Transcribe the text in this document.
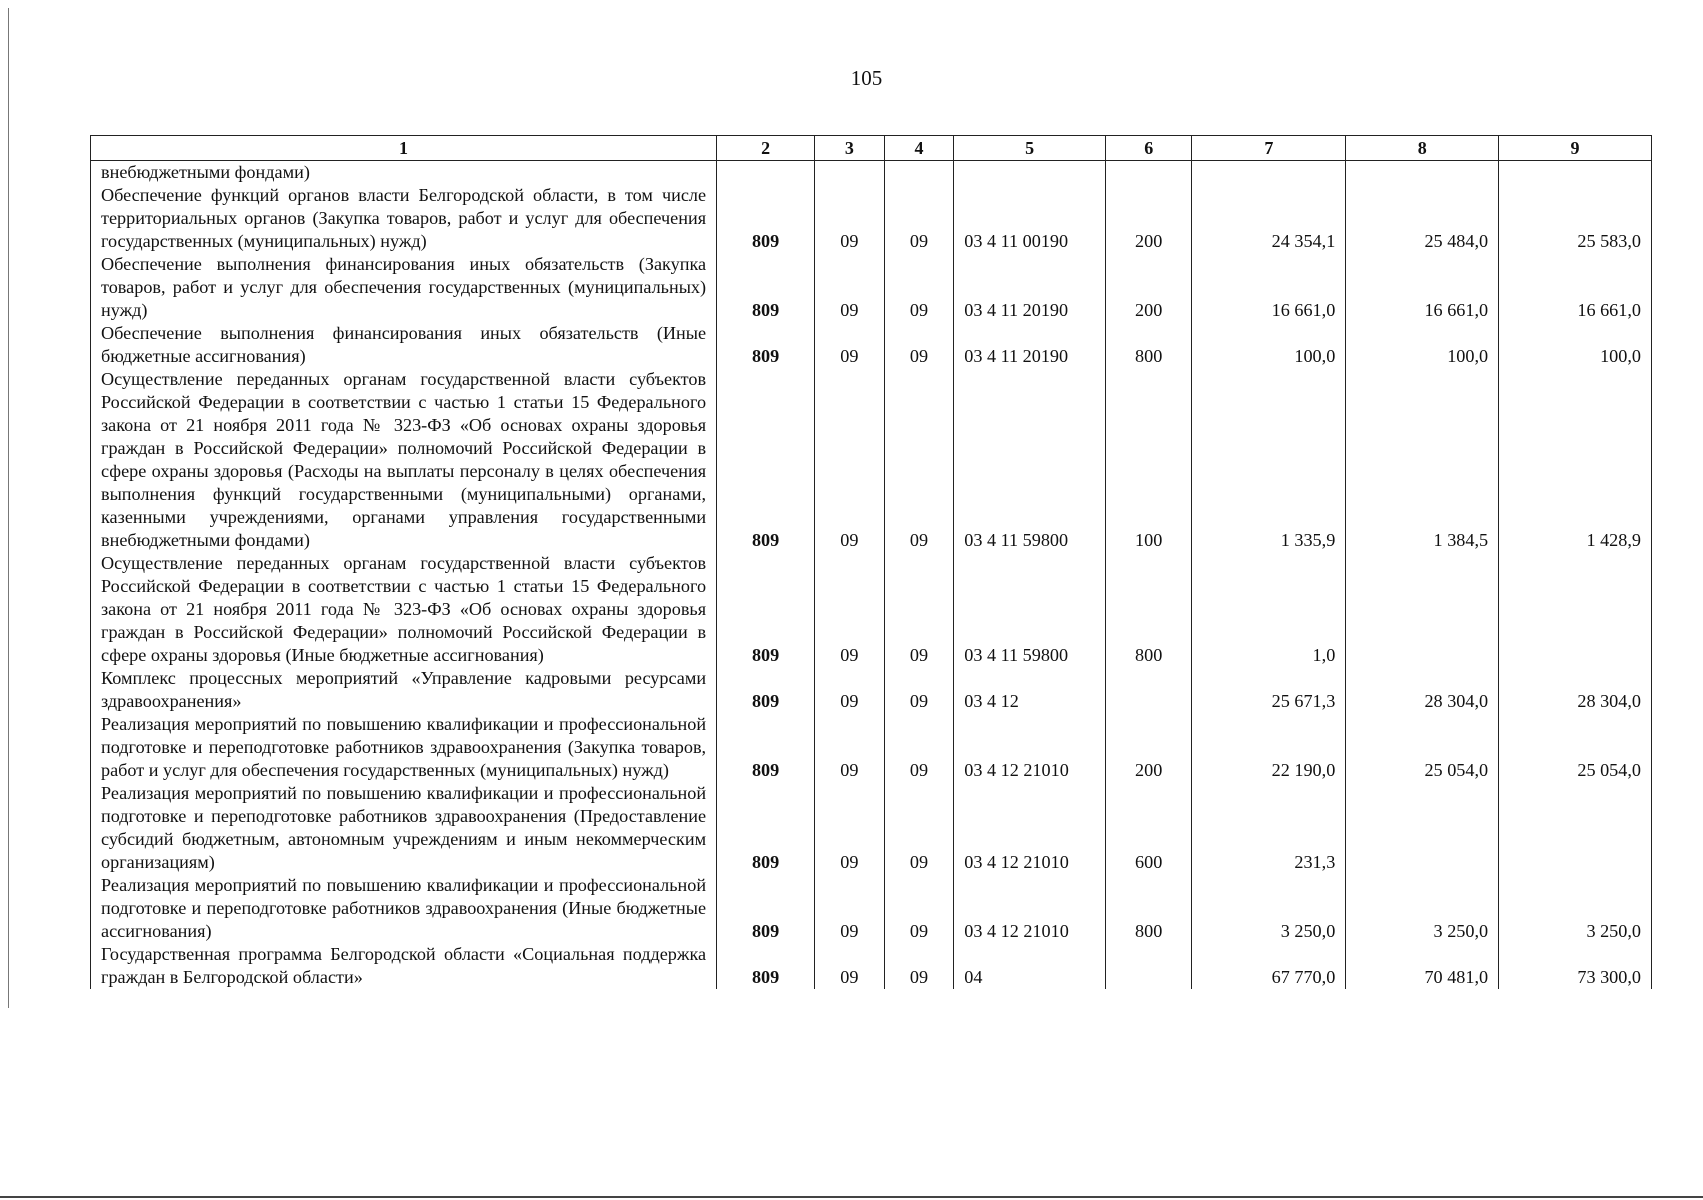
105
1	2	3	4	5	6	7	8	9
внебюджетными фондами)								
Обеспечение функций органов власти Белгородской области, в том числе территориальных органов (Закупка товаров, работ и услуг для обеспечения государственных (муниципальных) нужд)	809	09	09	03 4 11 00190	200	24 354,1	25 484,0	25 583,0
Обеспечение выполнения финансирования иных обязательств (Закупка товаров, работ и услуг для обеспечения государственных (муниципальных) нужд)	809	09	09	03 4 11 20190	200	16 661,0	16 661,0	16 661,0
Обеспечение выполнения финансирования иных обязательств (Иные бюджетные ассигнования)	809	09	09	03 4 11 20190	800	100,0	100,0	100,0
Осуществление переданных органам государственной власти субъектов Российской Федерации в соответствии с частью 1 статьи 15 Федерального закона от 21 ноября 2011 года № 323-ФЗ «Об основах охраны здоровья граждан в Российской Федерации» полномочий Российской Федерации в сфере охраны здоровья (Расходы на выплаты персоналу в целях обеспечения выполнения функций государственными (муниципальными) органами, казенными учреждениями, органами управления государственными внебюджетными фондами)	809	09	09	03 4 11 59800	100	1 335,9	1 384,5	1 428,9
Осуществление переданных органам государственной власти субъектов Российской Федерации в соответствии с частью 1 статьи 15 Федерального закона от 21 ноября 2011 года № 323-ФЗ «Об основах охраны здоровья граждан в Российской Федерации» полномочий Российской Федерации в сфере охраны здоровья (Иные бюджетные ассигнования)	809	09	09	03 4 11 59800	800	1,0		
Комплекс процессных мероприятий «Управление кадровыми ресурсами здравоохранения»	809	09	09	03 4 12		25 671,3	28 304,0	28 304,0
Реализация мероприятий по повышению квалификации и профессиональной подготовке и переподготовке работников здравоохранения (Закупка товаров, работ и услуг для обеспечения государственных (муниципальных) нужд)	809	09	09	03 4 12 21010	200	22 190,0	25 054,0	25 054,0
Реализация мероприятий по повышению квалификации и профессиональной подготовке и переподготовке работников здравоохранения (Предоставление субсидий бюджетным, автономным учреждениям и иным некоммерческим организациям)	809	09	09	03 4 12 21010	600	231,3		
Реализация мероприятий по повышению квалификации и профессиональной подготовке и переподготовке работников здравоохранения (Иные бюджетные ассигнования)	809	09	09	03 4 12 21010	800	3 250,0	3 250,0	3 250,0
Государственная программа Белгородской области «Социальная поддержка граждан в Белгородской области»	809	09	09	04		67 770,0	70 481,0	73 300,0
